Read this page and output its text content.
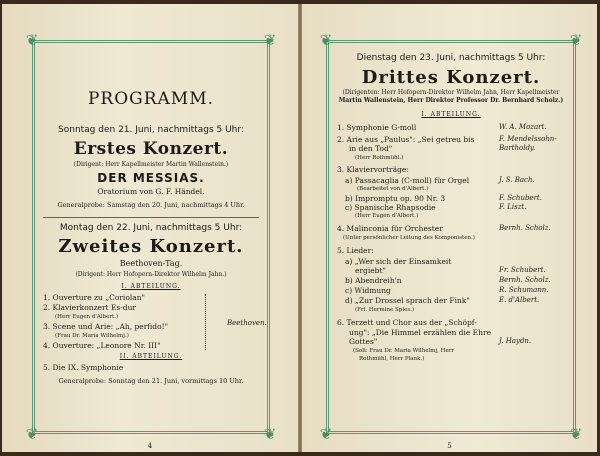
❦	❦
❦	❦
PROGRAMM.
Sonntag den 21. Juni, nachmittags 5 Uhr:
Erstes Konzert.
(Dirigent: Herr Kapellmeister Martin Wallenstein.)
DER MESSIAS.
Oratorium von G. F. Händel.
Generalprobe: Samstag den 20. Juni, nachmittags 4 Uhr.
Montag den 22. Juni, nachmittags 5 Uhr:
Zweites Konzert.
Beethoven-Tag.
(Dirigent: Herr Hofopern-Direktor Wilhelm Jahn.)
I. ABTEILUNG.
1. Ouverture zu „Coriolan"
2. Klavierkonzert Es-dur
(Herr Eugen d'Albert.)
3. Scene und Arie: „Ah, perfido!"
(Frau Dr. Maria Wilhelmj.)
4. Ouverture: „Leonore Nr. III"
Beethoven.
II. ABTEILUNG.
5. Die IX. Symphonie
Generalprobe: Sonntag den 21. Juni, vormittags 10 Uhr.
4
❦	❦
❦	❦
Dienstag den 23. Juni, nachmittags 5 Uhr:
Drittes Konzert.
(Dirigenten: Herr Hofopern-Direktor Wilhelm Jahn, Herr Kapellmeister
Martin Wallenstein, Herr Direktor Professor Dr. Bernhard Scholz.)
I. ABTEILUNG.
1. Symphonie G-moll	W. A. Mozart.
2. Arie aus „Paulus": „Sei getreu bis	F. Mendelssohn-
in den Tod"	Bartholdy.
(Herr Rothmühl.)
3. Klaviervorträge:
a) Passacaglia (C-moll) für Orgel	J. S. Bach.
(Bearbeitet von d'Albert.)
b) Impromptu op. 90 Nr. 3	F. Schubert.
c) Spanische Rhapsodie	F. Liszt.
(Herr Eugen d'Albert.)
4. Malinconia für Orchester	Bernh. Scholz.
(Unter persönlicher Leitung des Komponisten.)
5. Lieder:
a) „Wer sich der Einsamkeit
ergiebt"	Fr. Schubert.
b) Abendreih'n	Bernh. Scholz.
c) Widmung	R. Schumann.
d) „Zur Drossel sprach der Fink"	E. d'Albert.
(Frl. Hermine Spies.)
6. Terzett und Chor aus der „Schöpf-
ung": „Die Himmel erzählen die Ehre
Gottes"	J. Haydn.
(Soli: Frau Dr. Maria Wilhelmj, Herr
Rothmühl, Herr Plank.)
5
